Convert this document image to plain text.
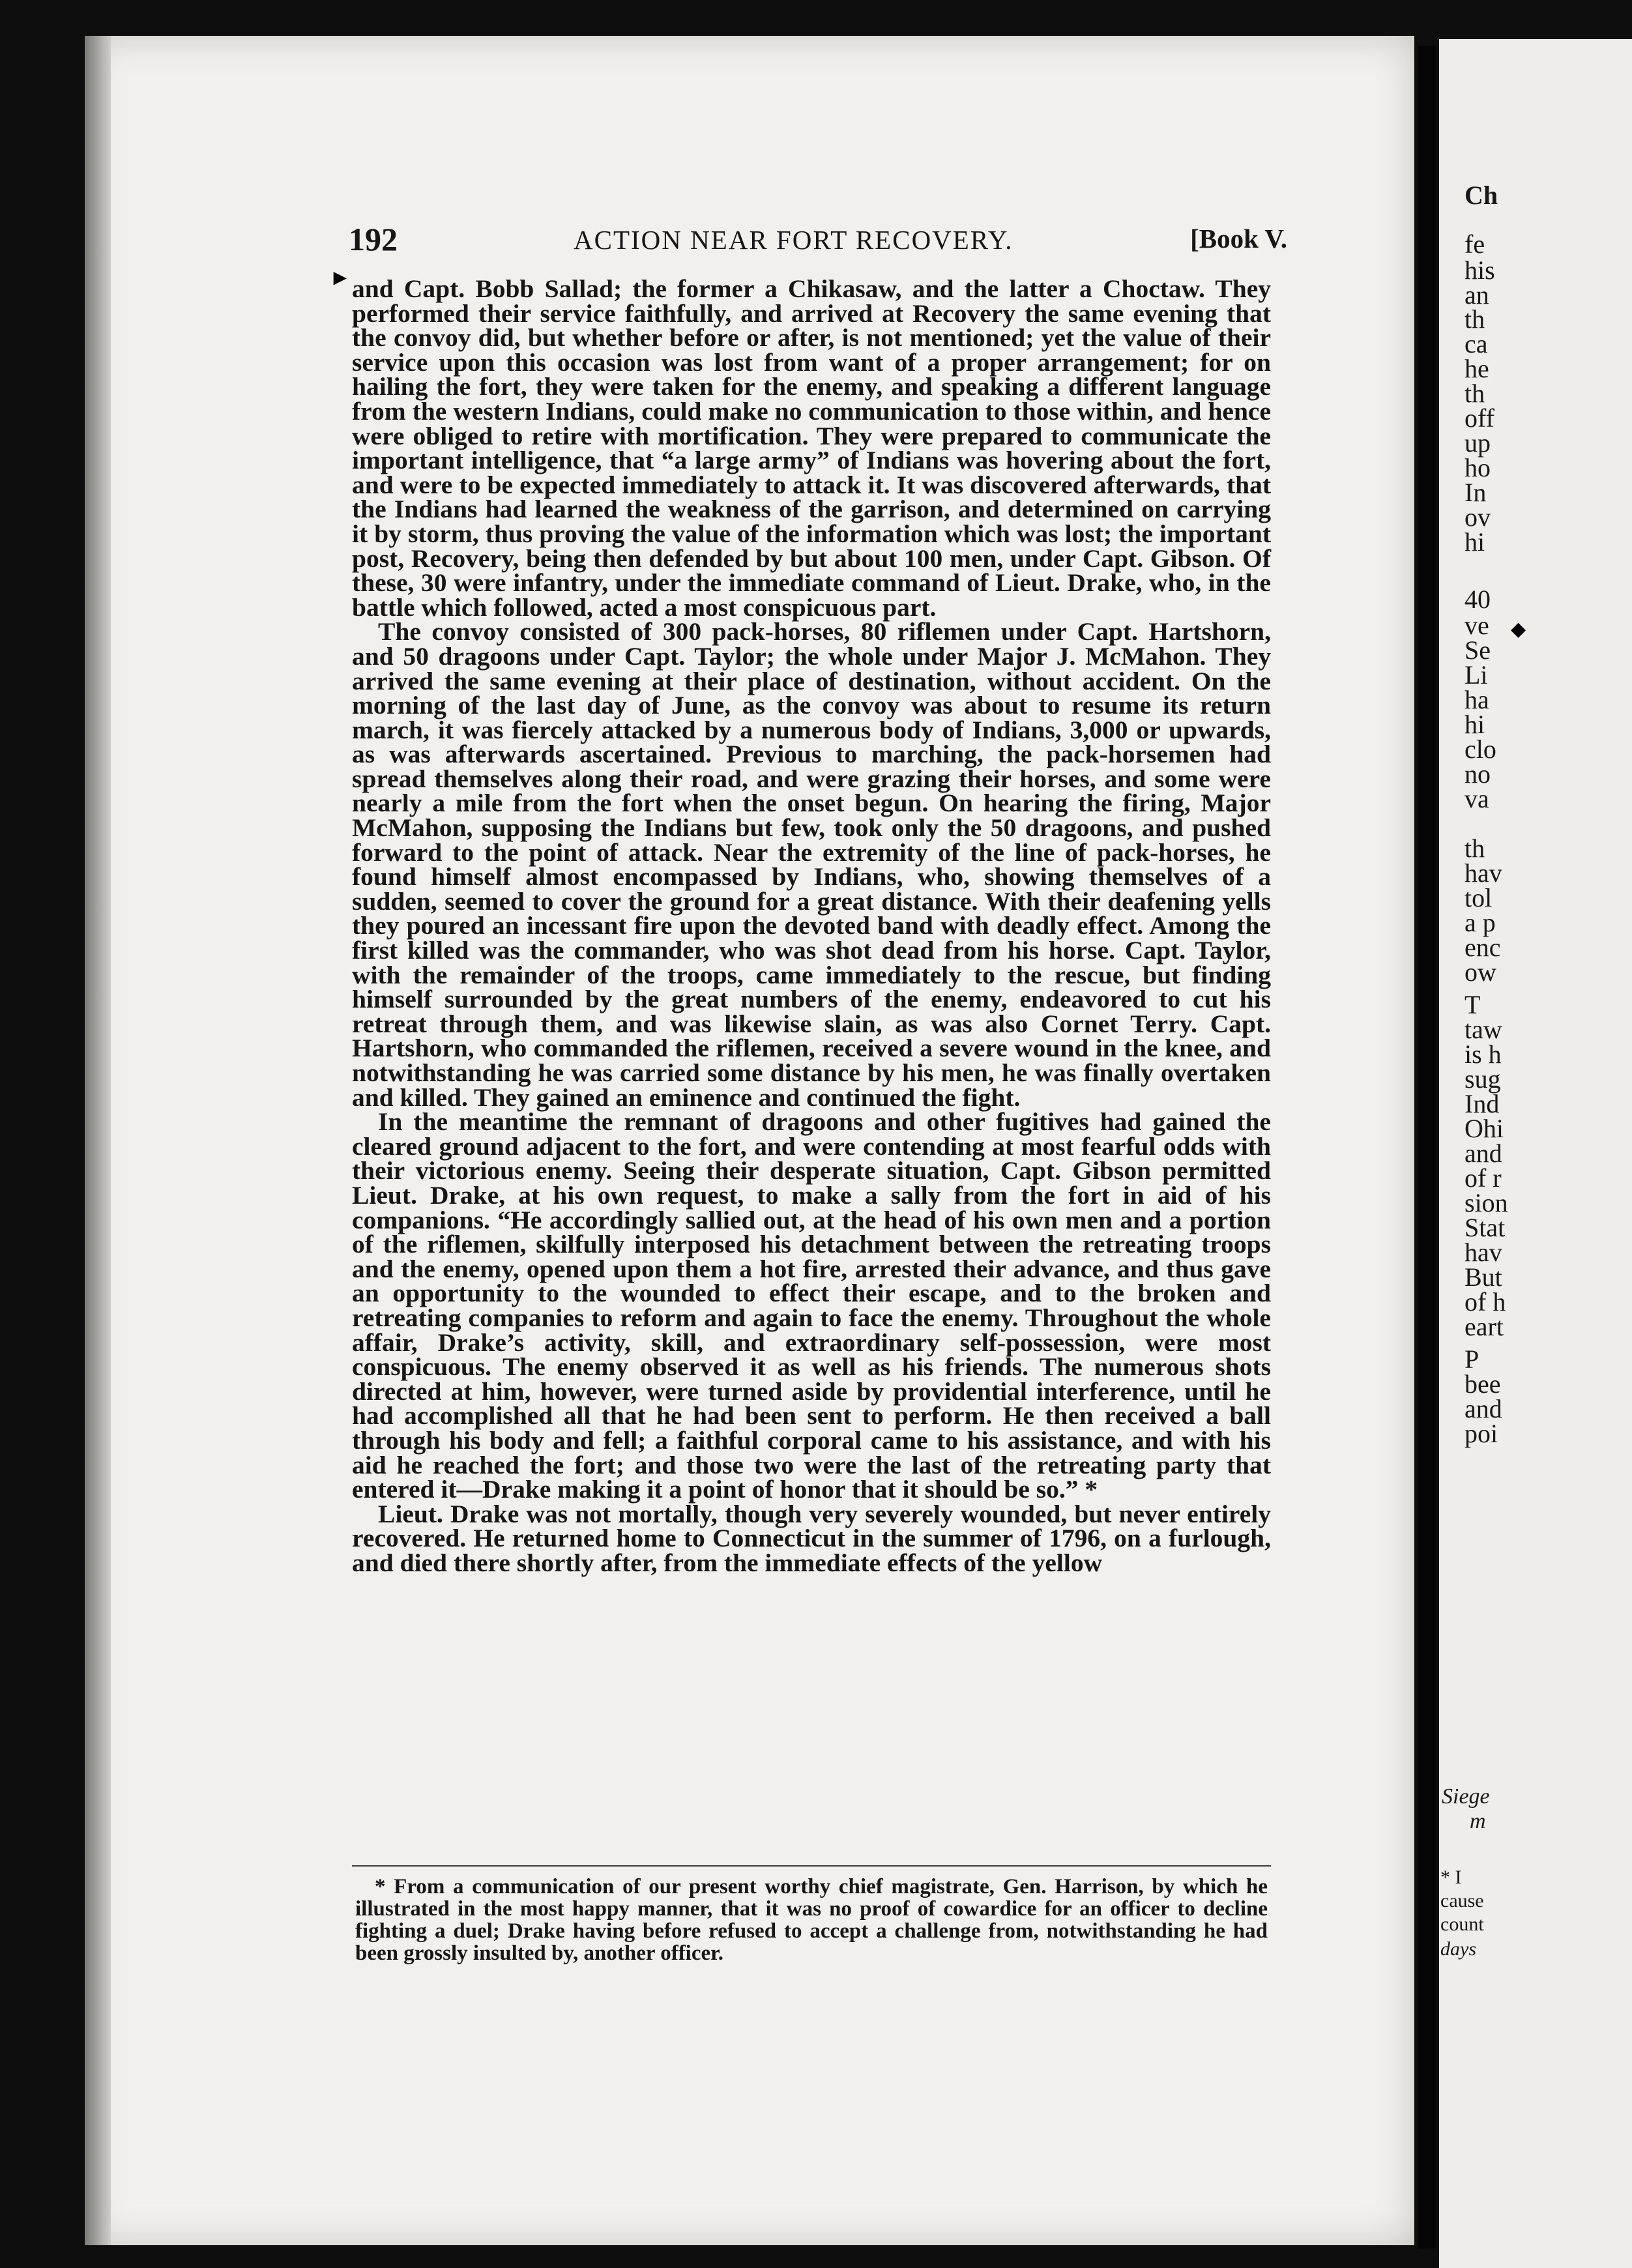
Ch
fe
his
an
th
ca
he
th
off
up
ho
In
ov
hi
40
ve
Se
Li
ha
hi
clo
no
va
th
hav
tol
a p
enc
ow
T
taw
is h
sug
Ind
Ohi
and
of r
sion
Stat
hav
But
of h
eart
P
bee
and
poi
Siege
m
* I
cause
count
days
►
◆
192	ACTION NEAR FORT RECOVERY.	[Book V.

and Capt. Bobb Sallad; the former a Chikasaw, and the latter a Choctaw. They performed their service faithfully, and arrived at Recovery the same evening that the convoy did, but whether before or after, is not mentioned; yet the value of their service upon this occasion was lost from want of a proper arrangement; for on hailing the fort, they were taken for the enemy, and speaking a different language from the western Indians, could make no communication to those within, and hence were obliged to retire with mortification. They were prepared to communicate the important intelligence, that “a large army” of Indians was hovering about the fort, and were to be expected immediately to attack it. It was discovered afterwards, that the Indians had learned the weakness of the garrison, and determined on carrying it by storm, thus proving the value of the information which was lost; the important post, Recovery, being then defended by but about 100 men, under Capt. Gibson. Of these, 30 were infantry, under the immediate command of Lieut. Drake, who, in the battle which followed, acted a most conspicuous part.

The convoy consisted of 300 pack-horses, 80 riflemen under Capt. Hartshorn, and 50 dragoons under Capt. Taylor; the whole under Major J. McMahon. They arrived the same evening at their place of destination, without accident. On the morning of the last day of June, as the convoy was about to resume its return march, it was fiercely attacked by a numerous body of Indians, 3,000 or upwards, as was afterwards ascertained. Previous to marching, the pack-horsemen had spread themselves along their road, and were grazing their horses, and some were nearly a mile from the fort when the onset begun. On hearing the firing, Major McMahon, supposing the Indians but few, took only the 50 dragoons, and pushed forward to the point of attack. Near the extremity of the line of pack-horses, he found himself almost encompassed by Indians, who, showing themselves of a sudden, seemed to cover the ground for a great distance. With their deafening yells they poured an incessant fire upon the devoted band with deadly effect. Among the first killed was the commander, who was shot dead from his horse. Capt. Taylor, with the remainder of the troops, came immediately to the rescue, but finding himself surrounded by the great numbers of the enemy, endeavored to cut his retreat through them, and was likewise slain, as was also Cornet Terry. Capt. Hartshorn, who commanded the riflemen, received a severe wound in the knee, and notwithstanding he was carried some distance by his men, he was finally overtaken and killed. They gained an eminence and continued the fight.

In the meantime the remnant of dragoons and other fugitives had gained the cleared ground adjacent to the fort, and were contending at most fearful odds with their victorious enemy. Seeing their desperate situation, Capt. Gibson permitted Lieut. Drake, at his own request, to make a sally from the fort in aid of his companions. “He accordingly sallied out, at the head of his own men and a portion of the riflemen, skilfully interposed his detachment between the retreating troops and the enemy, opened upon them a hot fire, arrested their advance, and thus gave an opportunity to the wounded to effect their escape, and to the broken and retreating companies to reform and again to face the enemy. Throughout the whole affair, Drake’s activity, skill, and extraordinary self-possession, were most conspicuous. The enemy observed it as well as his friends. The numerous shots directed at him, however, were turned aside by providential interference, until he had accomplished all that he had been sent to perform. He then received a ball through his body and fell; a faithful corporal came to his assistance, and with his aid he reached the fort; and those two were the last of the retreating party that entered it—Drake making it a point of honor that it should be so.” *

Lieut. Drake was not mortally, though very severely wounded, but never entirely recovered. He returned home to Connecticut in the summer of 1796, on a furlough, and died there shortly after, from the immediate effects of the yellow

* From a communication of our present worthy chief magistrate, Gen. Harrison, by which he illustrated in the most happy manner, that it was no proof of cowardice for an officer to decline fighting a duel; Drake having before refused to accept a challenge from, notwithstanding he had been grossly insulted by, another officer.
